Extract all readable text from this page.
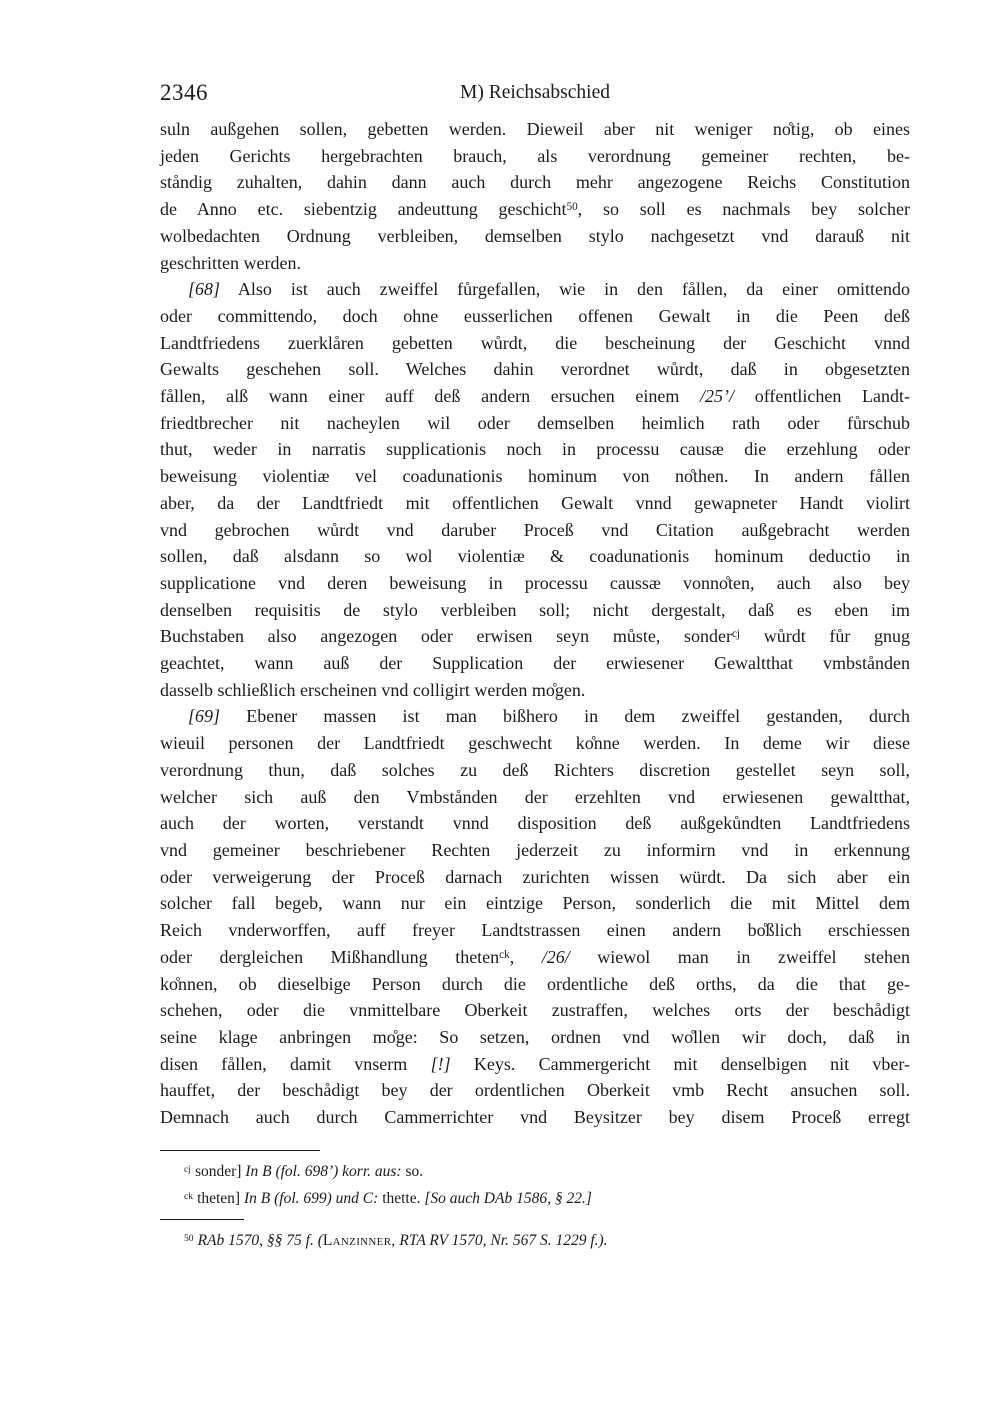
2346	M) Reichsabschied
suln außgehen sollen, gebetten werden. Dieweil aber nit weniger no̊tig, ob eines
jeden Gerichts hergebrachten brauch, als verordnung gemeiner rechten, be-
ståndig zuhalten, dahin dann auch durch mehr angezogene Reichs Constitution
de Anno etc. siebentzig andeuttung geschicht$^{50}$, so soll es nachmals bey solcher
wolbedachten Ordnung verbleiben, demselben stylo nachgesetzt vnd darauß nit
geschritten werden.
[68] Also ist auch zweiffel fůrgefallen, wie in den fållen, da einer omittendo
oder committendo, doch ohne eusserlichen offenen Gewalt in die Peen deß
Landtfriedens zuerklåren gebetten wůrdt, die bescheinung der Geschicht vnnd
Gewalts geschehen soll. Welches dahin verordnet wůrdt, daß in obgesetzten
fållen, alß wann einer auff deß andern ersuchen einem /25’/ offentlichen Landt-
friedtbrecher nit nacheylen wil oder demselben heimlich rath oder fůrschub
thut, weder in narratis supplicationis noch in processu causæ die erzehlung oder
beweisung violentiæ vel coadunationis hominum von no̊then. In andern fållen
aber, da der Landtfriedt mit offentlichen Gewalt vnnd gewapneter Handt violirt
vnd gebrochen wůrdt vnd daruber Proceß vnd Citation außgebracht werden
sollen, daß alsdann so wol violentiæ & coadunationis hominum deductio in
supplicatione vnd deren beweisung in processu caussæ vonno̊ten, auch also bey
denselben requisitis de stylo verbleiben soll; nicht dergestalt, daß es eben im
Buchstaben also angezogen oder erwisen seyn můste, sonder$^{cj}$ wůrdt fůr gnug
geachtet, wann auß der Supplication der erwiesener Gewaltthat vmbstånden
dasselb schließlich erscheinen vnd colligirt werden mo̊gen.
[69] Ebener massen ist man bißhero in dem zweiffel gestanden, durch
wieuil personen der Landtfriedt geschwecht ko̊nne werden. In deme wir diese
verordnung thun, daß solches zu deß Richters discretion gestellet seyn soll,
welcher sich auß den Vmbstånden der erzehlten vnd erwiesenen gewaltthat,
auch der worten, verstandt vnnd disposition deß außgekůndten Landtfriedens
vnd gemeiner beschriebener Rechten jederzeit zu informirn vnd in erkennung
oder verweigerung der Proceß darnach zurichten wissen würdt. Da sich aber ein
solcher fall begeb, wann nur ein eintzige Person, sonderlich die mit Mittel dem
Reich vnderworffen, auff freyer Landtstrassen einen andern bo̊ßlich erschiessen
oder dergleichen Mißhandlung theten$^{ck}$, /26/ wiewol man in zweiffel stehen
ko̊nnen, ob dieselbige Person durch die ordentliche deß orths, da die that ge-
schehen, oder die vnmittelbare Oberkeit zustraffen, welches orts der beschådigt
seine klage anbringen mo̊ge: So setzen, ordnen vnd wo̊llen wir doch, daß in
disen fållen, damit vnserm [!] Keys. Cammergericht mit denselbigen nit vber-
hauffet, der beschådigt bey der ordentlichen Oberkeit vmb Recht ansuchen soll.
Demnach auch durch Cammerrichter vnd Beysitzer bey disem Proceß erregt
$^{cj}$ sonder] In B (fol. 698’) korr. aus: so.
$^{ck}$ theten] In B (fol. 699) und C: thette. [So auch DAb 1586, § 22.]
$^{50}$ RAb 1570, §§ 75 f. (Lanzinner, RTA RV 1570, Nr. 567 S. 1229 f.).
